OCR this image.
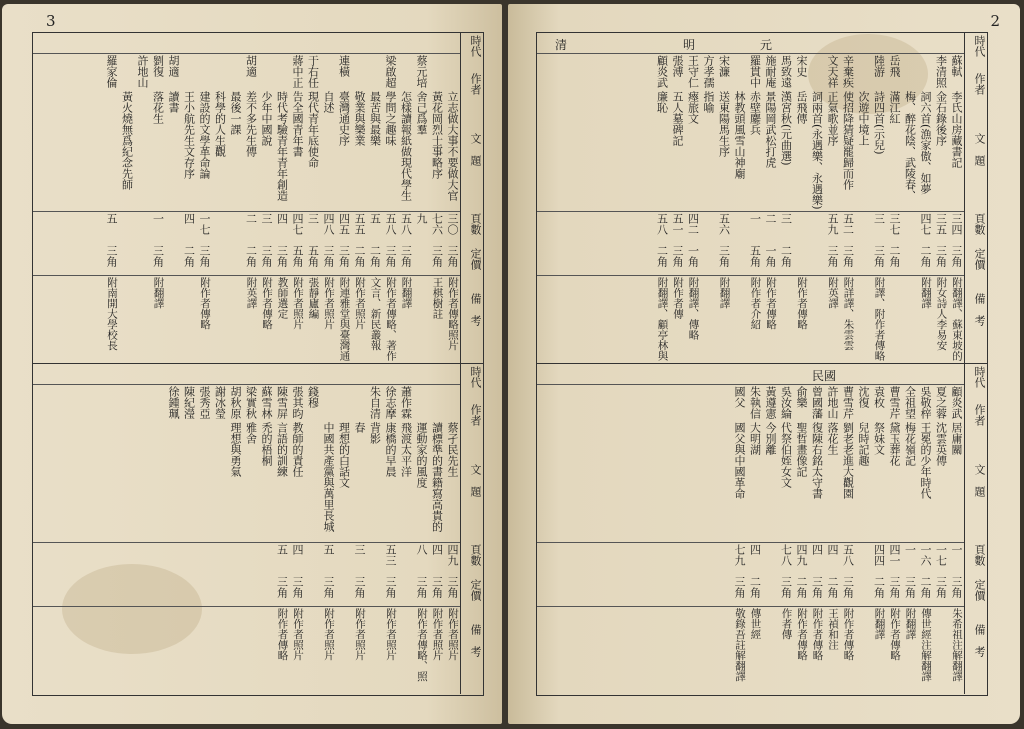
3
時代
作者
文　題
頁數
定價
備　考
立志做大事不要做大官
三〇
三角
附作者傳略照片
黃花岡烈士事略序
七六
三角
王棋樹註
蔡元培
舍己爲羣
九
怎樣讀報紙做現代學生
五八
三角
附翻譯
梁啟超
學問之趣味
五八
三角
附作者傳略、著作
最苦與最樂
五
二角
文言、新民叢報
敬業與樂業
五五
二角
附作者照片
連橫
臺灣通史序
四五
三角
附連雅堂與臺灣通
自述
四八
三角
附作者照片
于右任
現代青年底使命
三
五角
張靜廬編
蔣中正
告全國青年書
四七
五角
附作者照片
時代考驗青年青年創造
四
三角
教師選定
少年中國說
三
三角
附作者傳略
胡適
差不多先生傳
二
二角
附英譯
最後一課
科學的人生觀
建設的文學革命論
一七
三角
附作者傳略
王小航先生文存序
四
二角
胡適
讀書
劉復
落花生
一
三角
附翻譯
許地山
黃火燒無爲紀念先師
羅家倫
五
三角
附南開大學校長
時代
作者
文　題
頁數
定價
備　考
蔡孑民先生
四九
三角
附作者照片
讀標準的書籍寫高貴的
四
三角
附作者照片
運動家的風度
八
三角
附作者傳略、照
蕭作霖
飛渡太平洋
徐志摩
康橋的早晨
五三
三角
附作者照片
朱自清
背影
春
三
三角
附作者照片
理想的白話文
中國共產黨與萬里長城
五
三角
附作者照片
錢穆
張其昀
教師的責任
四
三角
附作者照片
陳雪屏
言語的訓練
五
三角
附作者傳略
蘇雪林
禿的梧桐
梁實秋
雅舍
胡秋原
理想與勇氣
謝冰瑩
張秀亞
陳紀瀅
徐鍾珮
2
時代
作者
文　題
頁數
定價
備　考
蘇軾
李氏山房藏書記
三四
三角
附翻譯、蘇東坡的
李清照
金石錄後序
三五
三角
附女詩人李易安
詞六首(漁家傲、如夢
四七
二角
附翻譯
梅、醉花陰、武陵春、
岳飛
滿江紅
三七
二角
陸游
詩四首(示兒)
三
三角
附譯、附作者傳略
次遊中境上
辛棄疾
使招降猜疑罷歸而作
五二
三角
附詳譯、朱雲雲
文天祥
正氣歌並序
五九
三角
附英譯
詞兩首(永遇樂、永遇樂)
宋史
岳飛傳
附作者傳略
馬致遠
漢宮秋(元曲選)
三
二角
施耐庵
景陽岡武松打虎
二
一角
附作者傳略
羅貫中
赤壁鏖兵
一
五角
附作者介紹
林教頭風雪山神廟
宋濂
送東陽馬生序
五六
三角
附翻譯
方孝孺
指喻
王守仁
瘞旅文
四二
一角
附翻譯、傳略
張溥
五人墓碑記
五一
三角
附作者傳
顧炎武
廉恥
五八
二角
附翻譯、顧亭林與
元
明
清
時代
作者
文　題
頁數
定價
備　考
顧炎武
居庸關
一
三角
朱希祖注解翻譯
夏之蓉
沈雲英傳
一七
三角
吳敬梓
王冕的少年時代
一六
二角
傳世經注解翻譯
全祖望
梅花嶺記
一
三角
附翻譯
曹雪芹
黛玉葬花
四一
三角
附作者傳略
袁枚
祭妹文
四四
二角
附翻譯
沈復
兒時記趣
曹雪芹
劉老老進大觀園
五八
三角
附作者傳略
許地山
落花生
四
二角
王禎和注
曾國藩
復陳右銘太守書
四
三角
附作者傳略
俞樂
聖哲畫像記
四九
二角
附作者傳略
吳汝綸
代祭伯姪女文
七八
三角
作者傳
黃遵憲
今別離
朱執信
大明湖
四
二角
傳世經
國父
國父與中國革命
七九
三角
敬錄吾註解翻譯
民國
